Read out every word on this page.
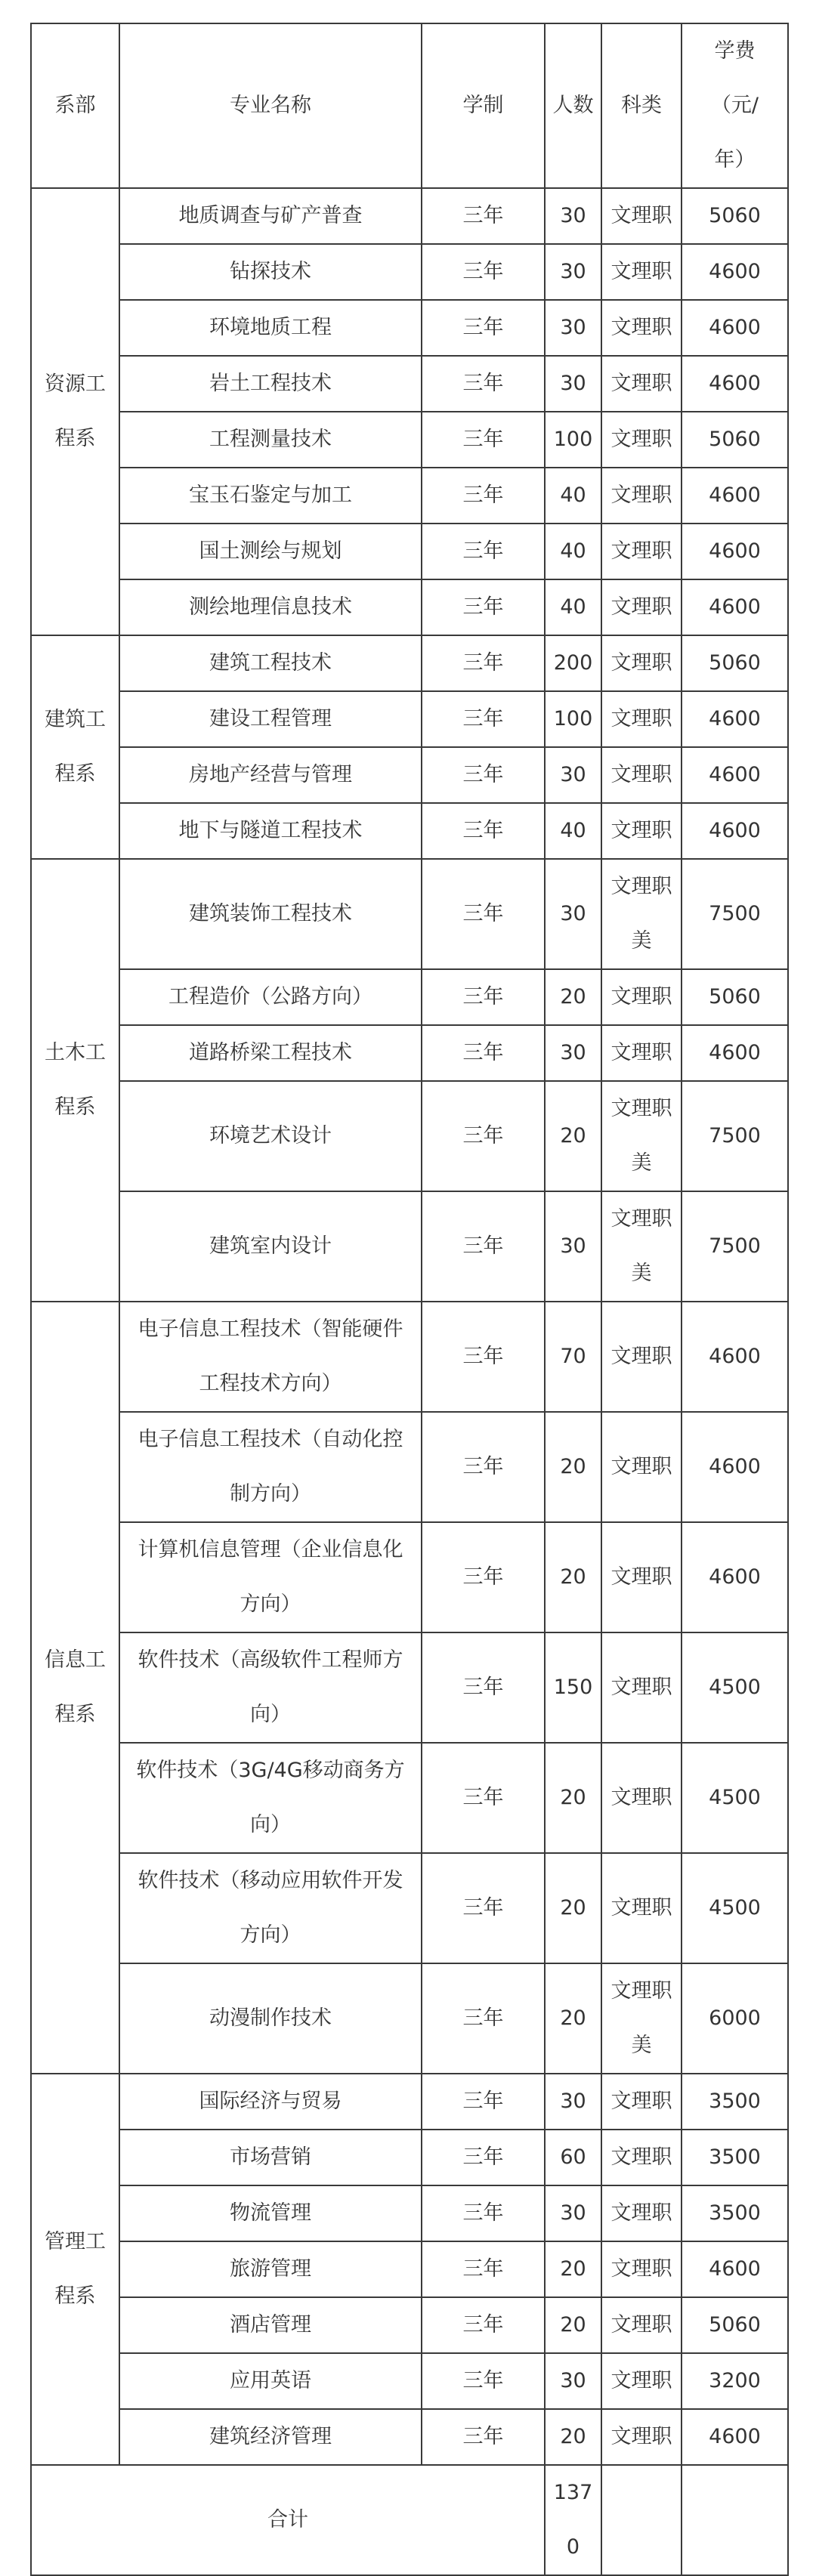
系部	专业名称	学制	人数	科类	学费（元/年）
资源工程系	地质调查与矿产普查	三年	30	文理职	5060
	钻探技术	三年	30	文理职	4600
	环境地质工程	三年	30	文理职	4600
	岩土工程技术	三年	30	文理职	4600
	工程测量技术	三年	100	文理职	5060
	宝玉石鉴定与加工	三年	40	文理职	4600
	国土测绘与规划	三年	40	文理职	4600
	测绘地理信息技术	三年	40	文理职	4600
建筑工程系	建筑工程技术	三年	200	文理职	5060
	建设工程管理	三年	100	文理职	4600
	房地产经营与管理	三年	30	文理职	4600
	地下与隧道工程技术	三年	40	文理职	4600
土木工程系	建筑装饰工程技术	三年	30	文理职美	7500
	工程造价（公路方向）	三年	20	文理职	5060
	道路桥梁工程技术	三年	30	文理职	4600
	环境艺术设计	三年	20	文理职美	7500
	建筑室内设计	三年	30	文理职美	7500
信息工程系	电子信息工程技术（智能硬件工程技术方向）	三年	70	文理职	4600
	电子信息工程技术（自动化控制方向）	三年	20	文理职	4600
	计算机信息管理（企业信息化方向）	三年	20	文理职	4600
	软件技术（高级软件工程师方向）	三年	150	文理职	4500
	软件技术（3G/4G移动商务方向）	三年	20	文理职	4500
	软件技术（移动应用软件开发方向）	三年	20	文理职	4500
	动漫制作技术	三年	20	文理职美	6000
管理工程系	国际经济与贸易	三年	30	文理职	3500
	市场营销	三年	60	文理职	3500
	物流管理	三年	30	文理职	3500
	旅游管理	三年	20	文理职	4600
	酒店管理	三年	20	文理职	5060
	应用英语	三年	30	文理职	3200
	建筑经济管理	三年	20	文理职	4600
合计			1370		
